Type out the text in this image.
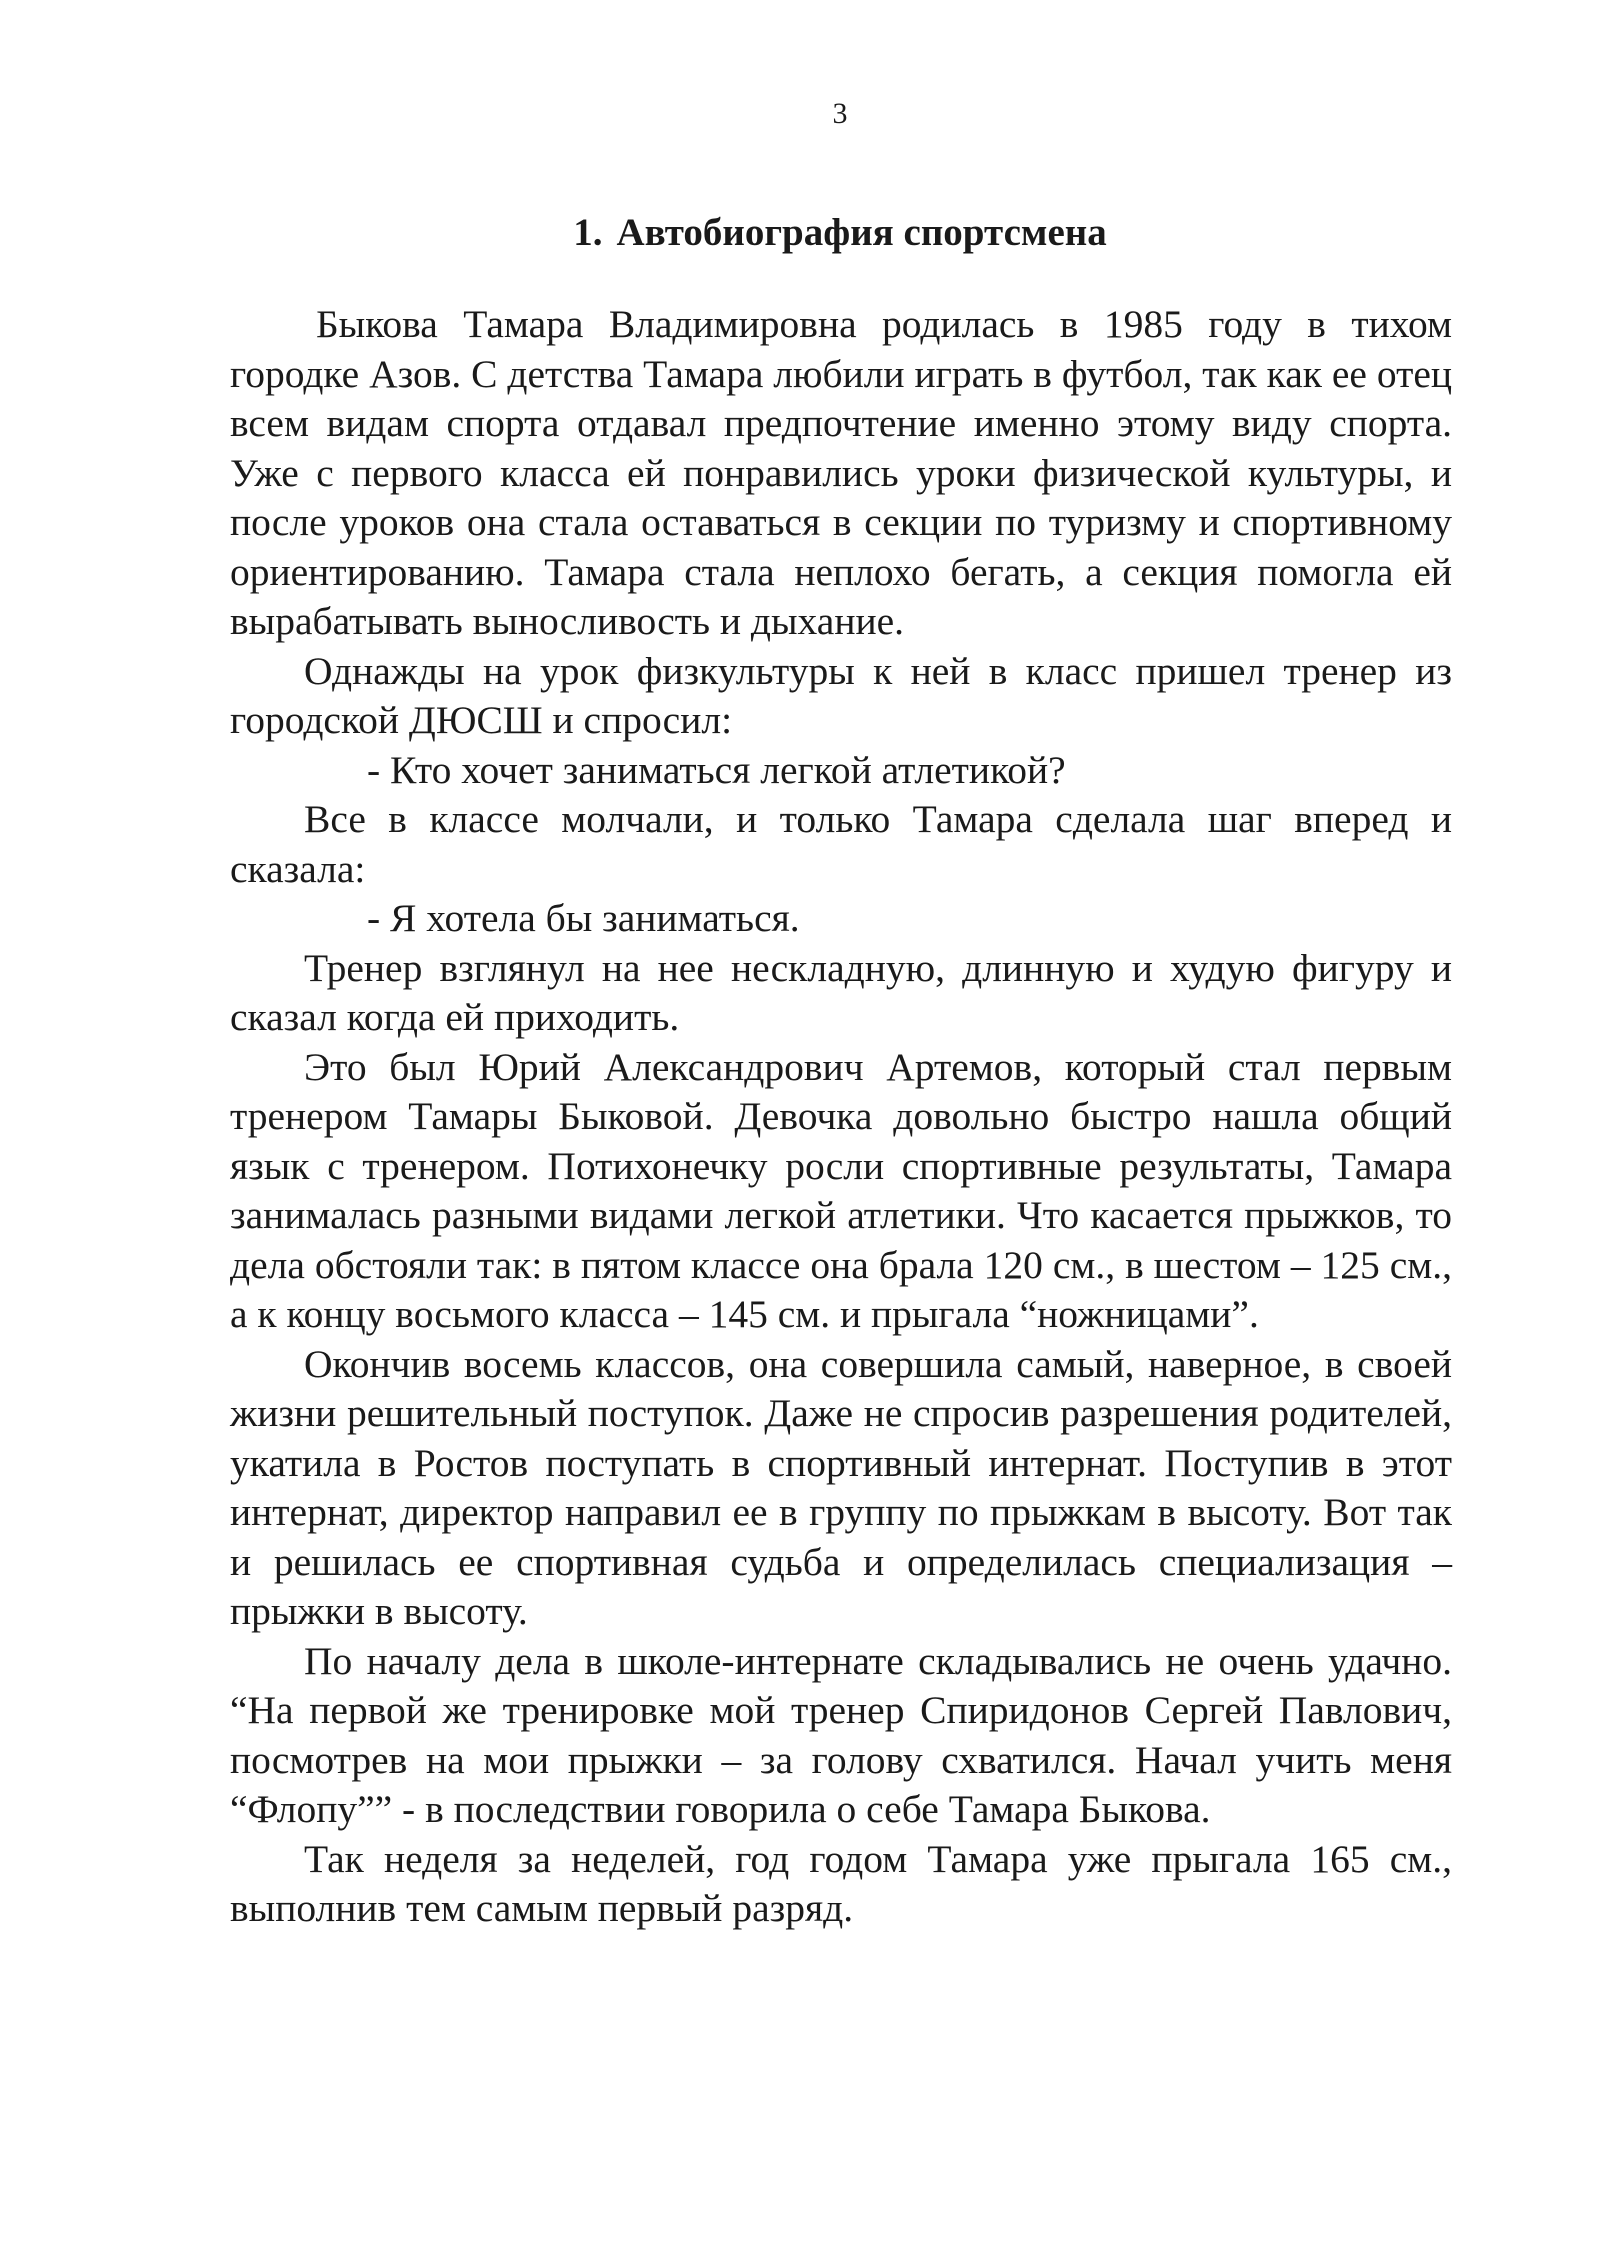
3
1. Автобиография спортсмена

Быкова Тамара Владимировна родилась в 1985 году в тихом городке Азов. С детства Тамара любили играть в футбол, так как ее отец всем видам спорта отдавал предпочтение именно этому виду спорта. Уже с первого класса ей понравились уроки физической культуры, и после уроков она стала оставаться в секции по туризму и спортивному ориентированию. Тамара стала неплохо бегать, а секция помогла ей вырабатывать выносливость и дыхание.

Однажды на урок физкультуры к ней в класс пришел тренер из городской ДЮСШ и спросил:

- Кто хочет заниматься легкой атлетикой?

Все в классе молчали, и только Тамара сделала шаг вперед и сказала:

- Я хотела бы заниматься.

Тренер взглянул на нее нескладную, длинную и худую фигуру и сказал когда ей приходить.

Это был Юрий Александрович Артемов, который стал первым тренером Тамары Быковой. Девочка довольно быстро нашла общий язык с тренером. Потихонечку росли спортивные результаты, Тамара занималась разными видами легкой атлетики. Что касается прыжков, то дела обстояли так: в пятом классе она брала 120 см., в шестом – 125 см., а к концу восьмого класса – 145 см. и прыгала “ножницами”.

Окончив восемь классов, она совершила самый, наверное, в своей жизни решительный поступок. Даже не спросив разрешения родителей, укатила в Ростов поступать в спортивный интернат. Поступив в этот интернат, директор направил ее в группу по прыжкам в высоту. Вот так и решилась ее спортивная судьба и определилась специализация – прыжки в высоту.

По началу дела в школе-интернате складывались не очень удачно. “На первой же тренировке мой тренер Спиридонов Сергей Павлович, посмотрев на мои прыжки – за голову схватился. Начал учить меня “Флопу”” - в последствии говорила о себе Тамара Быкова.

Так неделя за неделей, год годом Тамара уже прыгала 165 см., выполнив тем самым первый разряд.
